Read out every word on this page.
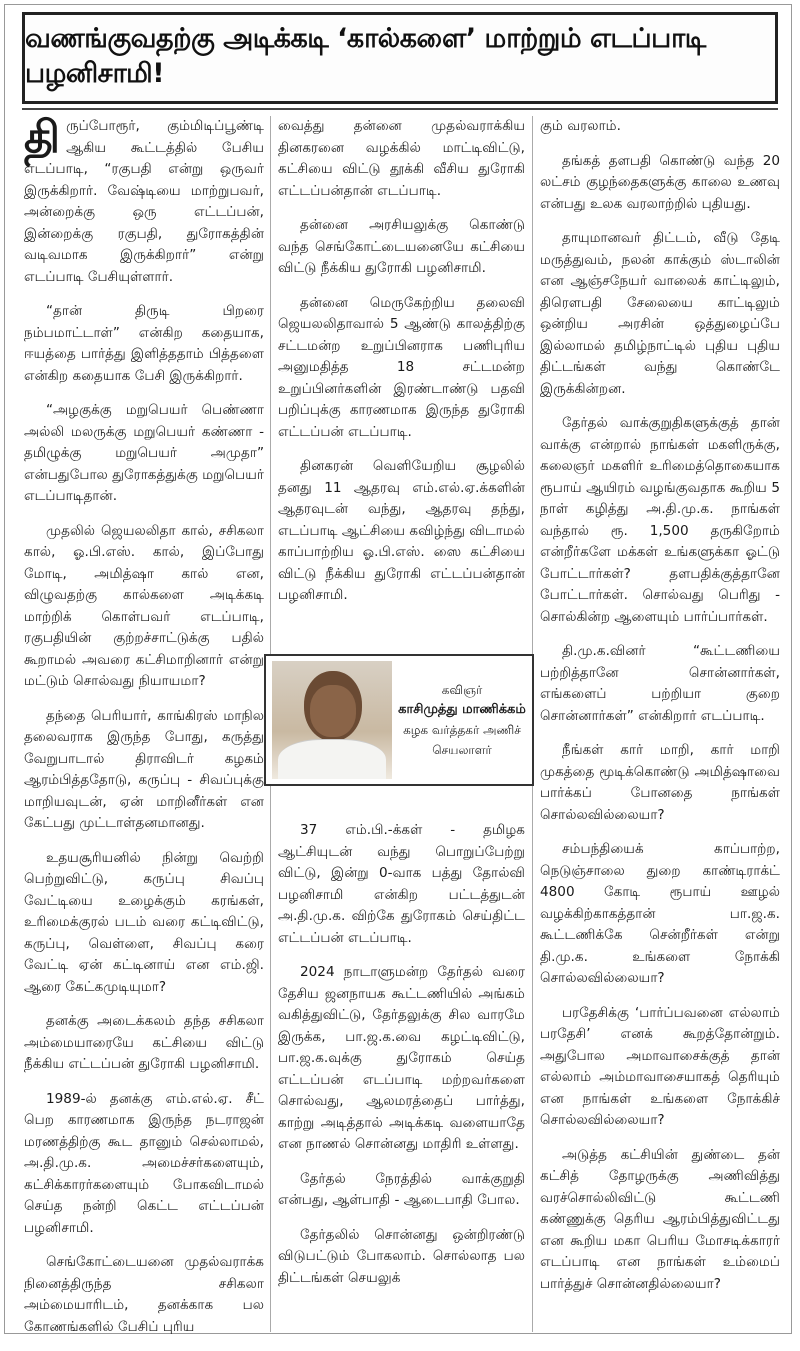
வணங்குவதற்கு அடிக்கடி ‘கால்களை’ மாற்றும் எடப்பாடி பழனிசாமி!

திருப்போரூர், கும்மிடிப்பூண்டி ஆகிய கூட்டத்தில் பேசிய எடப்பாடி, “ரகுபதி என்று ஒருவர் இருக்கிறார். வேஷ்டியை மாற்றுபவர், அன்றைக்கு ஒரு எட்டப்பன், இன்றைக்கு ரகுபதி, துரோகத்தின் வடிவமாக இருக்கிறார்” என்று எடப்பாடி பேசியுள்ளார்.

“தான் திருடி பிறரை நம்பமாட்டாள்” என்கிற கதையாக, ஈயத்தை பார்த்து இளித்ததாம் பித்தளை என்கிற கதையாக பேசி இருக்கிறார்.

“அழகுக்கு மறுபெயர் பெண்ணா அல்லி மலருக்கு மறுபெயர் கண்ணா - தமிழுக்கு மறுபெயர் அமுதா” என்பதுபோல துரோகத்துக்கு மறுபெயர் எடப்பாடிதான்.

முதலில் ஜெயலலிதா கால், சசிகலா கால், ஓ.பி.எஸ். கால், இப்போது மோடி, அமித்ஷா கால் என, விழுவதற்கு கால்களை அடிக்கடி மாற்றிக் கொள்பவர் எடப்பாடி, ரகுபதியின் குற்றச்சாட்டுக்கு பதில் கூறாமல் அவரை கட்சிமாறினார் என்று மட்டும் சொல்வது நியாயமா?

தந்தை பெரியார், காங்கிரஸ் மாநில தலைவராக இருந்த போது, கருத்து வேறுபாடால் திராவிடர் கழகம் ஆரம்பித்ததோடு, கருப்பு - சிவப்புக்கு மாறியவுடன், ஏன் மாறினீர்கள் என கேட்பது முட்டாள்தனமானது.

உதயசூரியனில் நின்று வெற்றி பெற்றுவிட்டு, கருப்பு சிவப்பு வேட்டியை உழைக்கும் கரங்கள், உரிமைக்குரல் படம் வரை கட்டிவிட்டு, கருப்பு, வெள்ளை, சிவப்பு கரை வேட்டி ஏன் கட்டினாய் என எம்.ஜி. ஆரை கேட்கமுடியுமா?

தனக்கு அடைக்கலம் தந்த சசிகலா அம்மையாரையே கட்சியை விட்டு நீக்கிய எட்டப்பன் துரோகி பழனிசாமி.

1989-ல் தனக்கு எம்.எல்.ஏ. சீட் பெற காரணமாக இருந்த நடராஜன் மரணத்திற்கு கூட தானும் செல்லாமல், அ.தி.மு.க. அமைச்சர்களையும், கட்சிக்காரர்களையும் போகவிடாமல் செய்த நன்றி கெட்ட எட்டப்பன் பழனிசாமி.

செங்கோட்டையனை முதல்வராக்க நினைத்திருந்த சசிகலா அம்மையாரிடம், தனக்காக பல கோணங்களில் பேசிப் புரிய

வைத்து தன்னை முதல்வராக்கிய தினகரனை வழக்கில் மாட்டிவிட்டு, கட்சியை விட்டு தூக்கி வீசிய துரோகி எட்டப்பன்தான் எடப்பாடி.

தன்னை அரசியலுக்கு கொண்டு வந்த செங்கோட்டையனையே கட்சியை விட்டு நீக்கிய துரோகி பழனிசாமி.

தன்னை மெருகேற்றிய தலைவி ஜெயலலிதாவால் 5 ஆண்டு காலத்திற்கு சட்டமன்ற உறுப்பினராக பணிபுரிய அனுமதித்த 18 சட்டமன்ற உறுப்பினர்களின் இரண்டாண்டு பதவி பறிப்புக்கு காரணமாக இருந்த துரோகி எட்டப்பன் எடப்பாடி.

தினகரன் வெளியேறிய சூழலில் தனது 11 ஆதரவு எம்.எல்.ஏ.க்களின் ஆதரவுடன் வந்து, ஆதரவு தந்து, எடப்பாடி ஆட்சியை கவிழ்ந்து விடாமல் காப்பாற்றிய ஓ.பி.எஸ். ஸை கட்சியை விட்டு நீக்கிய துரோகி எட்டப்பன்தான் பழனிசாமி.

கவிஞர்
காசிமுத்து மாணிக்கம்
கழக வர்த்தகர் அணிச்
செயலாளர்

37 எம்.பி.-க்கள் - தமிழக ஆட்சியுடன் வந்து பொறுப்பேற்று விட்டு, இன்று 0-வாக பத்து தோல்வி பழனிசாமி என்கிற பட்டத்துடன் அ.தி.மு.க. விற்கே துரோகம் செய்திட்ட எட்டப்பன் எடப்பாடி.

2024 நாடாளுமன்ற தேர்தல் வரை தேசிய ஜனநாயக கூட்டணியில் அங்கம் வகித்துவிட்டு, தேர்தலுக்கு சில வாரமே இருக்க, பா.ஜ.க.வை கழட்டிவிட்டு, பா.ஜ.க.வுக்கு துரோகம் செய்த எட்டப்பன் எடப்பாடி மற்றவர்களை சொல்வது, ஆலமரத்தைப் பார்த்து, காற்று அடித்தால் அடிக்கடி வளையாதே என நாணல் சொன்னது மாதிரி உள்ளது.

தேர்தல் நேரத்தில் வாக்குறுதி என்பது, ஆள்பாதி - ஆடைபாதி போல.

தேர்தலில் சொன்னது ஒன்றிரண்டு விடுபட்டும் போகலாம். சொல்லாத பல திட்டங்கள் செயலுக்

கும் வரலாம்.

தங்கத் தளபதி கொண்டு வந்த 20 லட்சம் குழந்தைகளுக்கு காலை உணவு என்பது உலக வரலாற்றில் புதியது.

தாயுமானவர் திட்டம், வீடு தேடி மருத்துவம், நலன் காக்கும் ஸ்டாலின் என ஆஞ்சநேயர் வாலைக் காட்டிலும், திரௌபதி சேலையை காட்டிலும் ஒன்றிய அரசின் ஒத்துழைப்பே இல்லாமல் தமிழ்நாட்டில் புதிய புதிய திட்டங்கள் வந்து கொண்டே இருக்கின்றன.

தேர்தல் வாக்குறுதிகளுக்குத் தான் வாக்கு என்றால் நாங்கள் மகளிருக்கு, கலைஞர் மகளிர் உரிமைத்தொகையாக ரூபாய் ஆயிரம் வழங்குவதாக கூறிய 5 நாள் கழித்து அ.தி.மு.க. நாங்கள் வந்தால் ரூ. 1,500 தருகிறோம் என்றீர்களே மக்கள் உங்களுக்கா ஓட்டு போட்டார்கள்? தளபதிக்குத்தானே போட்டார்கள். சொல்வது பெரிது - சொல்கின்ற ஆளையும் பார்ப்பார்கள்.

தி.மு.க.வினர் “கூட்டணியை பற்றித்தானே சொன்னார்கள், எங்களைப் பற்றியா குறை சொன்னார்கள்” என்கிறார் எடப்பாடி.

நீங்கள் கார் மாறி, கார் மாறி முகத்தை மூடிக்கொண்டு அமித்ஷாவை பார்க்கப் போனதை நாங்கள் சொல்லவில்லையா?

சம்பந்தியைக் காப்பாற்ற, நெடுஞ்சாலை துறை காண்டிராக்ட் 4800 கோடி ரூபாய் ஊழல் வழக்கிற்காகத்தான் பா.ஜ.க. கூட்டணிக்கே சென்றீர்கள் என்று தி.மு.க. உங்களை நோக்கி சொல்லவில்லையா?

பரதேசிக்கு ‘பார்ப்பவனை எல்லாம் பரதேசி’ எனக் கூறத்தோன்றும். அதுபோல அமாவாசைக்குத் தான் எல்லாம் அம்மாவாசையாகத் தெரியும் என நாங்கள் உங்களை நோக்கிச் சொல்லவில்லையா?

அடுத்த கட்சியின் துண்டை தன் கட்சித் தோழருக்கு அணிவித்து வரச்சொல்லிவிட்டு கூட்டணி கண்ணுக்கு தெரிய ஆரம்பித்துவிட்டது என கூறிய மகா பெரிய மோசடிக்காரர் எடப்பாடி என நாங்கள் உம்மைப் பார்த்துச் சொன்னதில்லையா?
